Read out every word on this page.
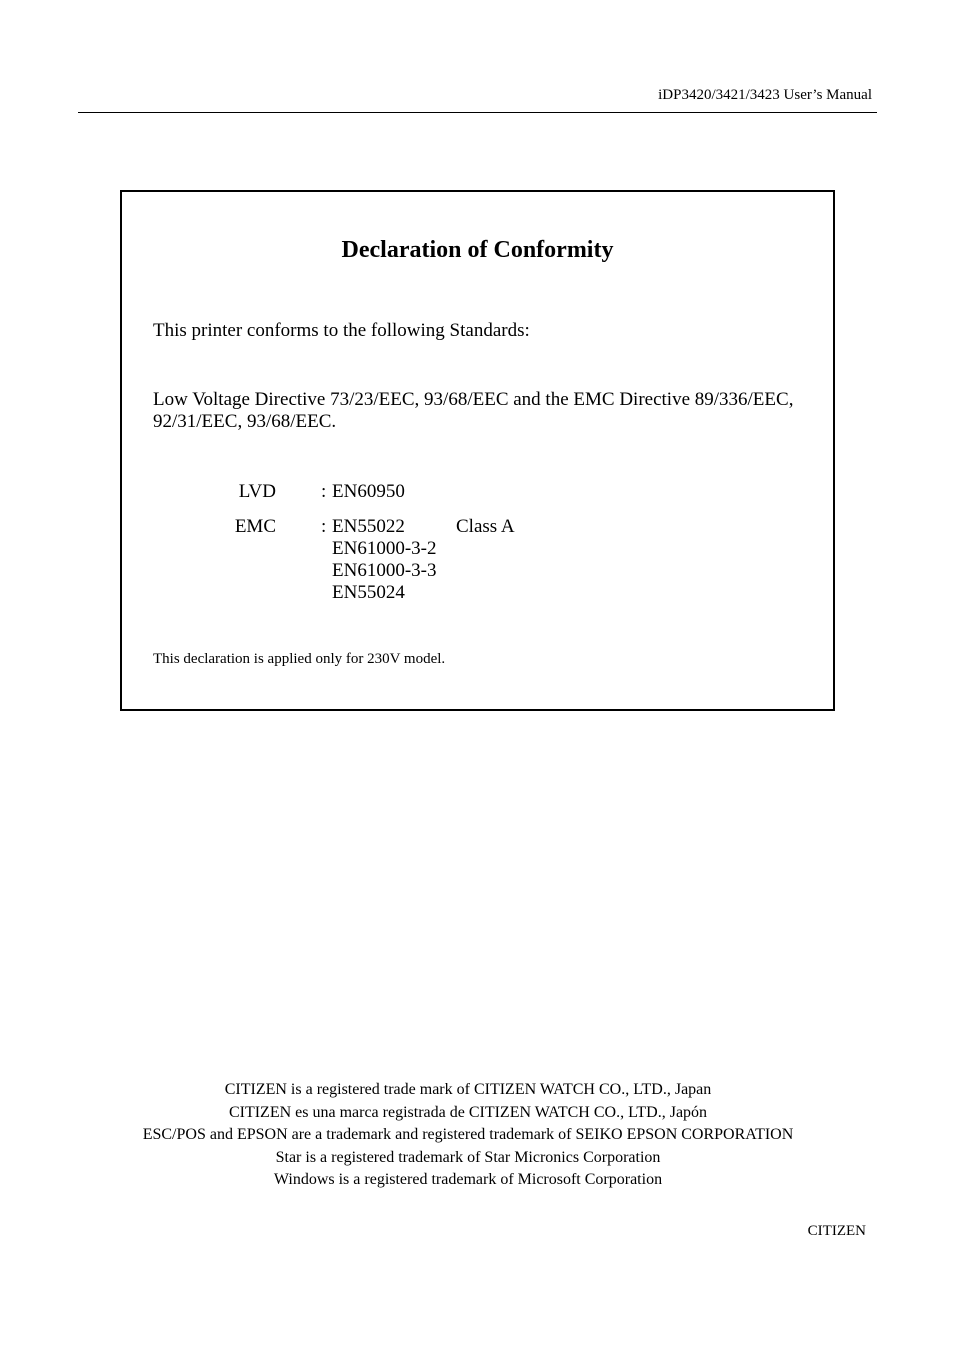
iDP3420/3421/3423 User’s Manual
Declaration of Conformity
This printer conforms to the following Standards:
Low Voltage Directive 73/23/EEC, 93/68/EEC and the EMC Directive 89/336/EEC,
92/31/EEC, 93/68/EEC.
LVD : EN60950
EMC : EN55022	Class A
EN61000-3-2
EN61000-3-3
EN55024
This declaration is applied only for 230V model.
CITIZEN is a registered trade mark of CITIZEN WATCH CO., LTD., Japan
CITIZEN es una marca registrada de CITIZEN WATCH CO., LTD., Japón
ESC/POS and EPSON are a trademark and registered trademark of SEIKO EPSON CORPORATION
Star is a registered trademark of Star Micronics Corporation
Windows is a registered trademark of Microsoft Corporation
CITIZEN
